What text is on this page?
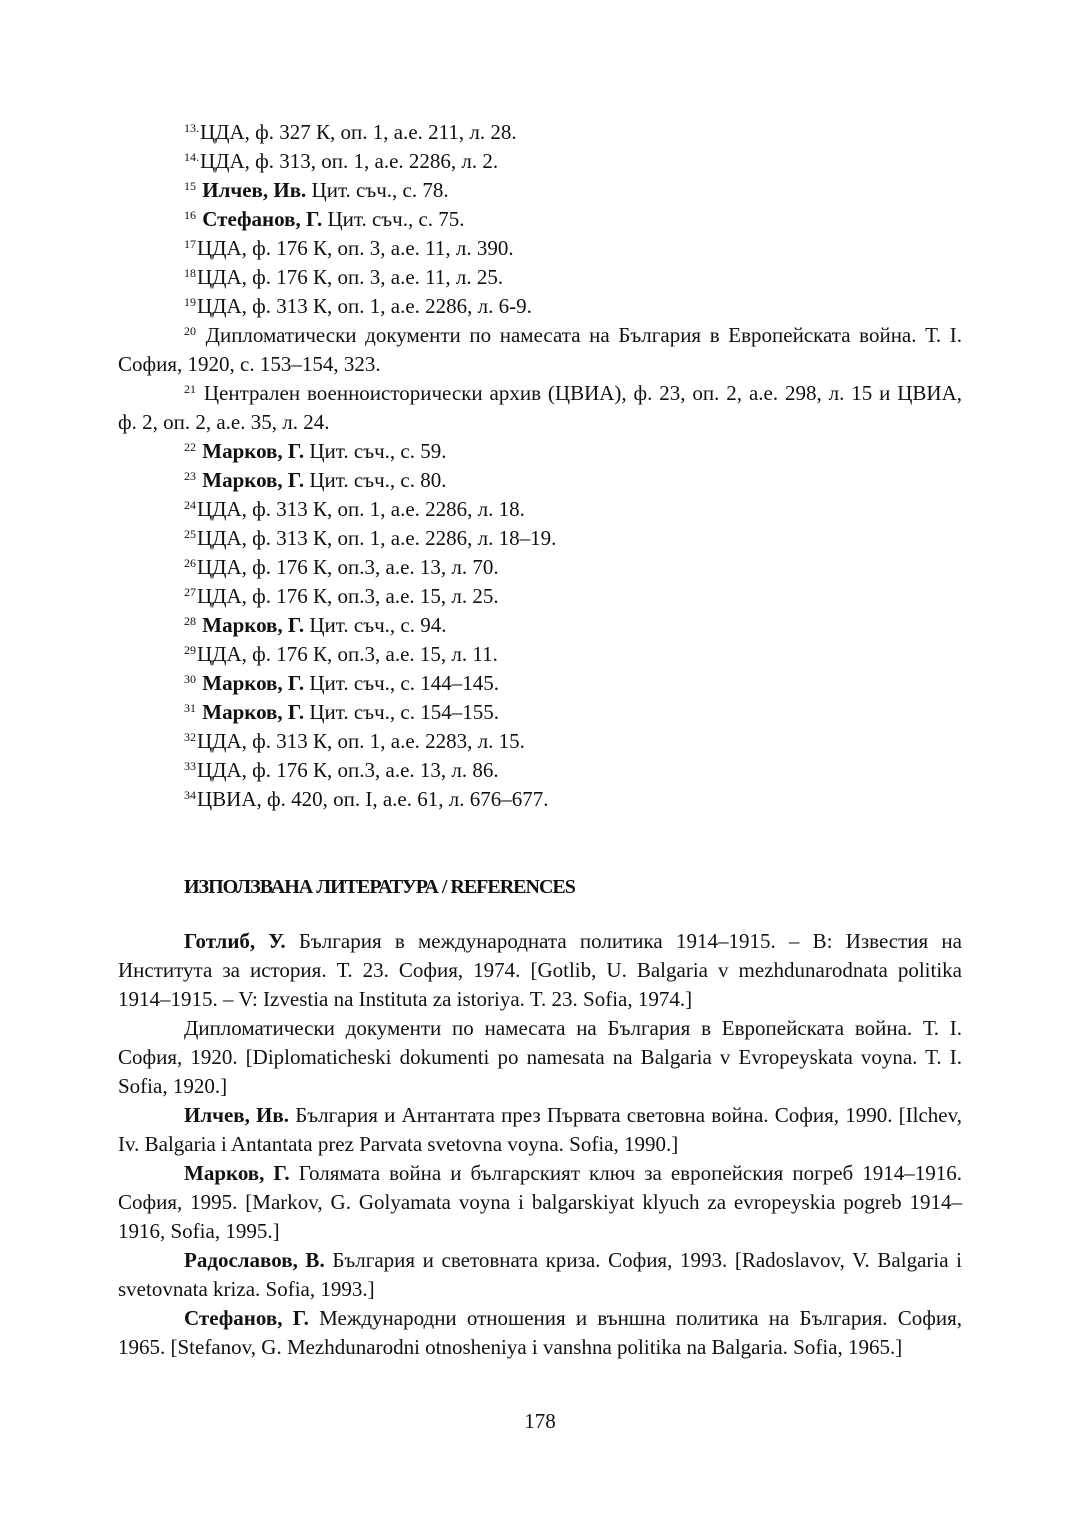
$^{13.}$ЦДА, ф. 327 К, оп. 1, а.е. 211, л. 28.
$^{14.}$ЦДА, ф. 313, оп. 1, а.е. 2286, л. 2.
$^{15}$ Илчев, Ив. Цит. съч., с. 78.
$^{16}$ Стефанов, Г. Цит. съч., с. 75.
$^{17}$ЦДА, ф. 176 К, оп. 3, а.е. 11, л. 390.
$^{18}$ЦДА, ф. 176 К, оп. 3, а.е. 11, л. 25.
$^{19}$ЦДА, ф. 313 К, оп. 1, а.е. 2286, л. 6-9.
$^{20}$ Дипломатически документи по намесата на България в Европейската война. Т. I. София, 1920, с. 153–154, 323.
$^{21}$ Централен военноисторически архив (ЦВИА), ф. 23, оп. 2, а.е. 298, л. 15 и ЦВИА, ф. 2, оп. 2, а.е. 35, л. 24.
$^{22}$ Марков, Г. Цит. съч., с. 59.
$^{23}$ Марков, Г. Цит. съч., с. 80.
$^{24}$ЦДА, ф. 313 К, оп. 1, а.е. 2286, л. 18.
$^{25}$ЦДА, ф. 313 К, оп. 1, а.е. 2286, л. 18–19.
$^{26}$ЦДА, ф. 176 К, оп.3, а.е. 13, л. 70.
$^{27}$ЦДА, ф. 176 К, оп.3, а.е. 15, л. 25.
$^{28}$ Марков, Г. Цит. съч., с. 94.
$^{29}$ЦДА, ф. 176 К, оп.3, а.е. 15, л. 11.
$^{30}$ Марков, Г. Цит. съч., с. 144–145.
$^{31}$ Марков, Г. Цит. съч., с. 154–155.
$^{32}$ЦДА, ф. 313 К, оп. 1, а.е. 2283, л. 15.
$^{33}$ЦДА, ф. 176 К, оп.3, а.е. 13, л. 86.
$^{34}$ЦВИА, ф. 420, оп. I, а.е. 61, л. 676–677.
ИЗПОЛЗВАНА ЛИТЕРАТУРА / REFERENCES
Готлиб, У. България в международната политика 1914–1915. – В: Известия на Института за история. Т. 23. София, 1974. [Gotlib, U. Balgaria v mezhdunarodnata politika 1914–1915. – V: Izvestia na Instituta za istoriya. T. 23. Sofia, 1974.]
Дипломатически документи по намесата на България в Европейската война. Т. I. София, 1920. [Diplomaticheski dokumenti po namesata na Balgaria v Evropeyskata voyna. T. I. Sofia, 1920.]
Илчев, Ив. България и Антантата през Първата световна война. София, 1990. [Ilchev, Iv. Balgaria i Antantata prez Parvata svetovna voyna. Sofia, 1990.]
Марков, Г. Голямата война и българският ключ за европейския погреб 1914–1916. София, 1995. [Markov, G. Golyamata voyna i balgarskiyat klyuch za evropeyskia pogreb 1914–1916, Sofia, 1995.]
Радославов, В. България и световната криза. София, 1993. [Radoslavov, V. Balgaria i svetovnata kriza. Sofia, 1993.]
Стефанов, Г. Международни отношения и външна политика на България. София, 1965. [Stefanov, G. Mezhdunarodni otnosheniya i vanshna politika na Balgaria. Sofia, 1965.]
178
